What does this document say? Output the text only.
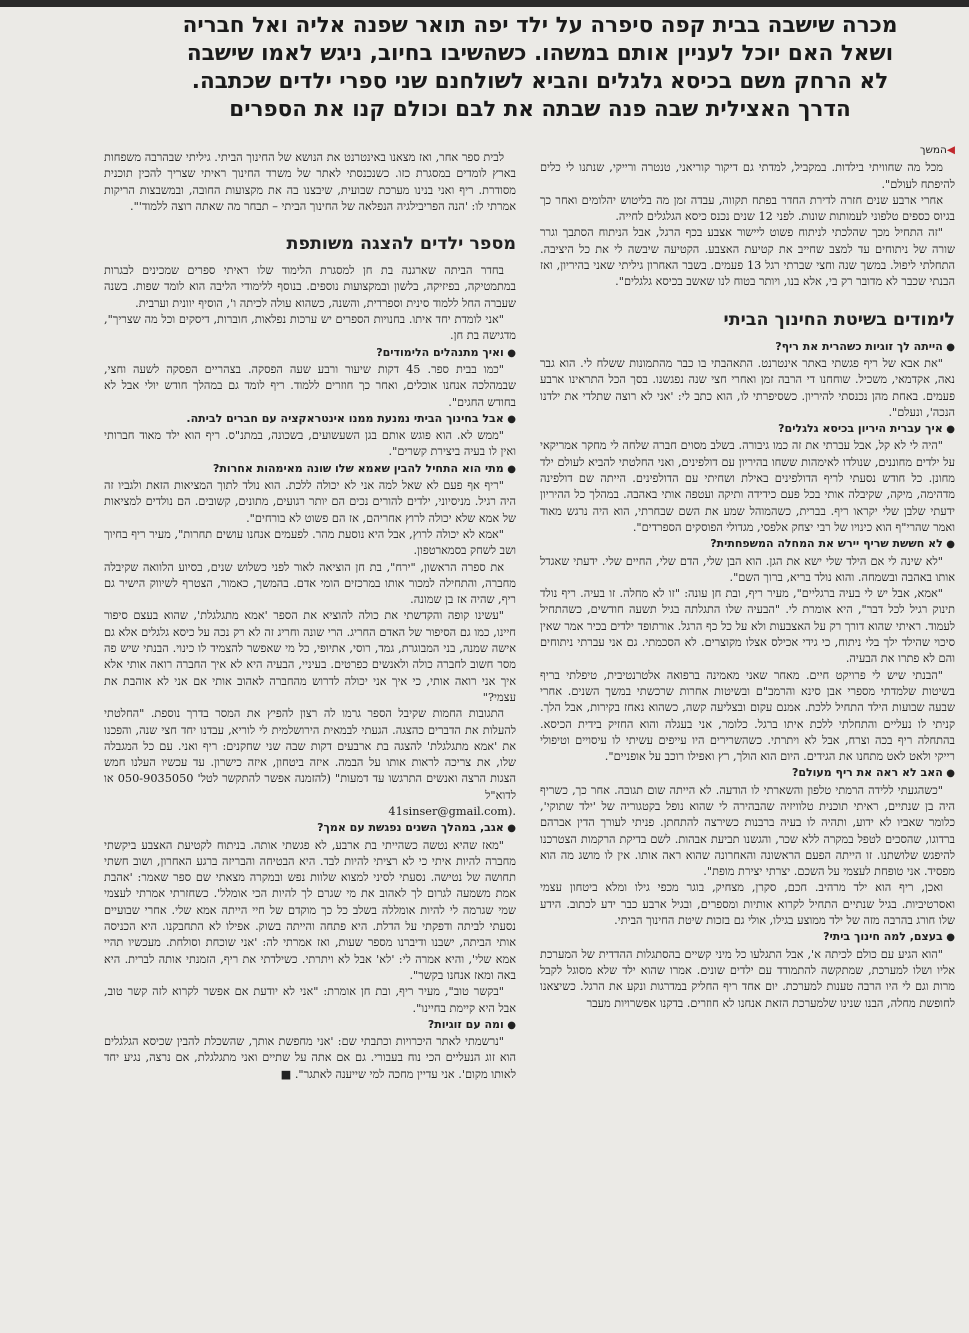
מכרה שישבה בבית קפה סיפרה על ילד יפה תואר שפנה אליה ואל חבריה
ושאל האם יוכל לעניין אותם במשהו. כשהשיבו בחיוב, ניגש לאמו שישבה
לא הרחק משם בכיסא גלגלים והביא לשולחנם שני ספרי ילדים שכתבה.
הדרך האצילית שבה פנה שבתה את לבם וכולם קנו את הספרים
◀המשך

מכל מה שחוויתי בילדות. במקביל, למדתי גם דיקור קוריאני, טנטרה ורייקי, שנתנו לי כלים להיפתח לעולם".

אחרי ארבע שנים חזרה לדירת החדר בפתח תקווה, עבדה זמן מה בליטוש יהלומים ואחר כך בגיוס כספים טלפוני לעמותות שונות. לפני 12 שנים נכנס כיסא הגלגלים לחייה.

"זה התחיל מכך שהלכתי לניתוח פשוט ליישור אצבע בכף הרגל, אבל הניתוח הסתבך וגרר שורה של ניתוחים עד למצב שחייב את קטיעת האצבע. הקטיעה שיבשה לי את כל היציבה. התחלתי ליפול. במשך שנה וחצי שברתי רגל 13 פעמים. בשבר האחרון גיליתי שאני בהיריון, ואז הבנתי שכבר לא מדובר רק בי, אלא בנו, ויותר בטוח לנו שאשב בכיסא גלגלים".

לימודים בשיטת החינוך הביתי

● הייתה לך זוגיות כשהרית את ריף?

"את אבא של ריף פגשתי באתר אינטרנט. התאהבתי בו כבר מהתמונות ששלח לי. הוא גבר נאה, אקדמאי, משכיל. שוחחנו די הרבה זמן ואחרי חצי שנה נפגשנו. בסך הכל התראינו ארבע פעמים. באחת מהן נכנסתי להיריון. כשסיפרתי לו, הוא כתב לי: 'אני לא רוצה שתלדי את ילדנו הנכה', ונעלם".

● איך עברית היריון בכיסא גלגלים?

"היה לי לא קל, אבל עברתי את זה כמו גיבורה. בשלב מסוים חברה שלחה לי מחקר אמריקאי על ילדים מחוננים, שנולדו לאימהות ששחו בהיריון עם דולפינים, ואני החלטתי להביא לעולם ילד מחונן. כל חודש נסעתי לריף הדולפינים באילת ושחיתי עם הדולפינים. הייתה שם דולפינה מדהימה, מיקה, שקיבלה אותי בכל פעם כידידה ותיקה ועטפה אותי באהבה. במהלך כל ההיריון ידעתי שלבן שלי יקראו ריף. בברית, כשהמוהל שמע את השם שבחרתי, הוא היה נרגש מאוד ואמר שהרי"ף הוא כינויו של רבי יצחק אלפסי, מגדולי הפוסקים הספרדים".

● לא חששת שריף יירש את המחלה המשפחתית?

"לא שינה לי אם הילד שלי ישא את הגן. הוא הבן שלי, הדם שלי, החיים שלי. ידעתי שאגדל אותו באהבה ובשמחה. והוא נולד בריא, ברוך השם".

"אמא, אבל יש לי בעיה ברגליים", מעיר ריף, ובת חן עונה: "זו לא מחלה. זו בעיה. ריף נולד תינוק רגיל לכל דבר", היא אומרת לי. "הבעיה שלו התגלתה בגיל תשעה חודשים, כשהתחיל לעמוד. ראיתי שהוא דורך רק על האצבעות ולא על כל כף הרגל. אורתופד ילדים בכיר אמר שאין סיכוי שהילד ילך בלי ניתוח, כי גידי אכילס אצלו מקוצרים. לא הסכמתי. גם אני עברתי ניתוחים והם לא פתרו את הבעיה.

"הבנתי שיש לי פרויקט חיים. מאחר שאני מאמינה ברפואה אלטרנטיבית, טיפלתי בריף בשיטות שלמדתי מספרי אבן סינא והרמב"ם ובשיטות אחרות שרכשתי במשך השנים. אחרי שבעה שבועות הילד התחיל ללכת. אמנם עקום ובצליעה קשה, כשהוא נאחז בקירות, אבל הלך. קניתי לו נעליים והתחלתי ללכת איתו ברגל. כלומר, אני בעגלה והוא החזיק בידית הכיסא. בהתחלה ריף בכה וצרח, אבל לא ויתרתי. כשהשרירים היו עייפים עשיתי לו עיסויים וטיפולי רייקי ולאט לאט מתחנו את הגידים. היום הוא הולך, רץ ואפילו רוכב על אופניים".

● האב לא ראה את ריף מעולם?

"כשהגעתי ללידה הרמתי טלפון והשארתי לו הודעה. לא הייתה שום תגובה. אחר כך, כשריף היה בן שנתיים, ראיתי תוכנית טלוויזיה שהבהירה לי שהוא נופל בקטגוריה של 'ילד שתוקי', כלומר שאביו לא ידוע, ותהיה לו בעיה ברבנות כשירצה להתחתן. פניתי לעורך הדין אברהם ברדוגו, שהסכים לטפל במקרה ללא שכר, והגשנו תביעת אבהות. לשם בדיקת הרקמות הצטרכנו להיפגש שלושתנו. זו הייתה הפעם הראשונה והאחרונה שהוא ראה אותו. אין לו מושג מה הוא מפסיד. אני טופחת לעצמי על השכם. יצרתי יצירת מופת".

ואכן, ריף הוא ילד מרהיב. חכם, סקרן, מצחיק, בוגר מכפי גילו ומלא ביטחון עצמי ואסרטיביות. בגיל שנתיים התחיל לקרוא אותיות ומספרים, ובגיל ארבע כבר ידע לכתוב. הידע שלו חורג בהרבה מזה של ילד ממוצע בגילו, אולי גם בזכות שיטת החינוך הביתי.

● בעצם, למה חינוך ביתי?

"הוא הגיע עם כולם לכיתה א', אבל התגלעו כל מיני קשיים בהסתגלות ההדדית של המערכת אליו ושלו למערכת, שמתקשה להתמודד עם ילדים שונים. אמרו שהוא ילד שלא מסוגל לקבל מרות וגם לי היו הרבה טענות למערכת. יום אחד ריף החליק במדרגות ונקע את הרגל. כשיצאנו לחופשת מחלה, הבנו שנינו שלמערכת הזאת אנחנו לא חוזרים. בדקנו אפשרויות מעבר

לבית ספר אחר, ואז מצאנו באינטרנט את הנושא של החינוך הביתי. גיליתי שבהרבה משפחות בארץ לומדים במסגרת כזו. כשנכנסתי לאתר של משרד החינוך ראיתי שצריך להכין תוכנית מסודרת. ריף ואני בנינו מערכת שבועית, שיבצנו בה את מקצועות החובה, ובמשבצות הריקות אמרתי לו: 'הנה הפריבילגיה הנפלאה של החינוך הביתי – תבחר מה שאתה רוצה ללמוד'".

מספר ילדים להצגה משותפת

בחדר הביתה שארגנה בת חן למסגרת הלימוד שלו ראיתי ספרים שמכינים לבגרות במתמטיקה, בפיזיקה, בלשון ובמקצועות נוספים. בנוסף ללימודי הליבה הוא לומד שפות. בשנה שעברה החל ללמוד סינית וספרדית, והשנה, כשהוא עולה לכיתה ו', הוסיף יוונית וערבית.

"אני לומדת יחד איתו. בחנויות הספרים יש ערכות נפלאות, חוברות, דיסקים וכל מה שצריך", מדגישה בת חן.

● ואיך מתנהלים הלימודים?

"כמו בבית ספר. 45 דקות שיעור ורבע שעה הפסקה. בצהריים הפסקה לשעה וחצי, שבמהלכה אנחנו אוכלים, ואחר כך חוזרים ללמוד. ריף לומד גם במהלך חודש יולי אבל לא בחודש החגים".

● אבל בחינוך הביתי נמנעת ממנו אינטראקציה עם חברים לביתה.

"ממש לא. הוא פוגש אותם בגן השעשועים, בשכונה, במתנ"ס. ריף הוא ילד מאוד חברותי ואין לו בעיה ביצירת קשרים".

● מתי הוא התחיל להבין שאמא שלו שונה מאימהות אחרות?

"ריף אף פעם לא שאל למה אני לא יכולה ללכת. הוא נולד לתוך המציאות הזאת ולגביו זה היה רגיל. מניסיוני, ילדים להורים נכים הם יותר רגועים, מתונים, קשובים. הם נולדים למציאות של אמא שלא יכולה לרוץ אחריהם, אז הם פשוט לא בורחים".

"אמא לא יכולה לרוץ, אבל היא נוסעת מהר. לפעמים אנחנו עושים תחרות", מעיר ריף בחיוך ושב לשחק בסמארטפון.

את ספרה הראשון, "ירח", בת חן הוציאה לאור לפני כשלוש שנים, בסיוע הלוואה שקיבלה מחברה, והתחילה למכור אותו במרכזים הומי אדם. בהמשך, כאמור, הצטרף לשיווק הישיר גם ריף, שהיה אז בן שמונה.

"עשינו קופה והקדשתי את כולה להוציא את הספר 'אמא מתגלגלת', שהוא בעצם סיפור חיינו, כמו גם הסיפור של האדם החריג. הרי שונה וחריג זה לא רק נכה על כיסא גלגלים אלא גם אישה שמנה, בני המבוגרת, גמד, רוסי, אתיופי, כל מי שאפשר להצמיד לו כינוי. הבנתי שיש פה מסר חשוב לחברה כולה ולאנשים כפרטים. בעיניי, הבעיה היא לא איך החברה רואה אותי אלא איך אני רואה אותי, כי איך אני יכולה לדרוש מהחברה לאהוב אותי אם אני לא אוהבת את עצמי?"

התגובות החמות שקיבל הספר גרמו לה רצון להפיץ את המסר בדרך נוספת. "החלטתי להעלות את הדברים כהצגה. הגעתי לבמאית הירושלמית לי לוריא, עבדנו יחד חצי שנה, והפכנו את 'אמא מתגלגלת' להצגה בת ארבעים דקות שבה שני שחקנים: ריף ואני. עם כל המגבלה שלו, את צריכה לראות אותו על הבמה. איזה ביטחון, איזה כישרון. עד עכשיו העלנו חמש הצגות הרצה ואנשים התרגשו עד דמעות" (להזמנה אפשר להתקשר לטל' 050-9035050 או לדוא"ל

41sinser@gmail.com).

● אגב, במהלך השנים נפגשת עם אמך?

"מאז שהיא נטשה כשהייתי בת ארבע, לא פגשתי אותה. בניתוח לקטיעת האצבע ביקשתי מחברה להיות איתי כי לא רציתי להיות לבד. היא הבטיחה והבריזה ברגע האחרון, ושוב חשתי תחושה של נטישה. נסעתי לסיני למצוא שלוות נפש ובמקרה מצאתי שם ספר שאמר: 'אהבת אמת משמעה לגרום לך לאהוב את מי שגרם לך להיות הכי אומלל'. כשחזרתי אמרתי לעצמי שמי שגרמה לי להיות אומללה בשלב כל כך מוקדם של חיי הייתה אמא שלי. אחרי שבועיים נסעתי לביתה ודפקתי על הדלת. היא פתחה והייתה בשוק. אפילו לא התחבקנו. היא הכניסה אותי הביתה, ישבנו ודיברנו מספר שעות, ואז אמרתי לה: 'אני שוכחת וסולחת. מעכשיו תהיי אמא שלי', והיא אמרה לי: 'לא' אבל לא ויתרתי. כשילדתי את ריף, הזמנתי אותה לברית. היא באה ומאז אנחנו בקשר".

"בקשר טוב", מעיר ריף, ובת חן אומרת: "אני לא יודעת אם אפשר לקרוא לזה קשר טוב, אבל היא קיימת בחיינו".

● ומה עם זוגיות?

"נרשמתי לאתר היכרויות וכתבתי שם: 'אני מחפשת אותך, שהשכלת להבין שכיסא הגלגלים הוא זוג הנעליים הכי נוח בעבורי. גם אם אתה על שתיים ואני מתגלגלת, אם נרצה, נגיע יחד לאותו מקום'. אני עדיין מחכה למי שייענה לאתגר". ■
